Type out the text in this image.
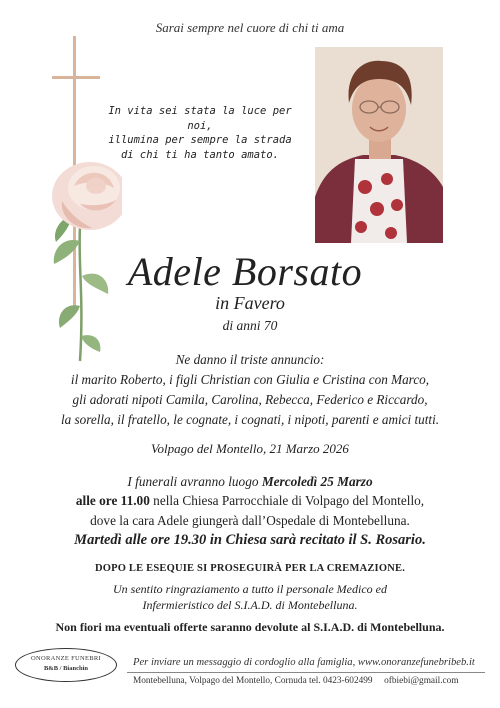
Sarai sempre nel cuore di chi ti ama
In vita sei stata la luce per noi,
illumina per sempre la strada
di chi ti ha tanto amato.
Adele Borsato
in Favero
di anni 70
Ne danno il triste annuncio:
il marito Roberto, i figli Christian con Giulia e Cristina con Marco,
gli adorati nipoti Camila, Carolina, Rebecca, Federico e Riccardo,
la sorella, il fratello, le cognate, i cognati, i nipoti, parenti e amici tutti.
Volpago del Montello, 21 Marzo 2026
I funerali avranno luogo Mercoledì 25 Marzo
alle ore 11.00 nella Chiesa Parrocchiale di Volpago del Montello,
dove la cara Adele giungerà dall’Ospedale di Montebelluna.
Martedì alle ore 19.30 in Chiesa sarà recitato il S. Rosario.
DOPO LE ESEQUIE SI PROSEGUIRÀ PER LA CREMAZIONE.
Un sentito ringraziamento a tutto il personale Medico ed
Infermieristico del S.I.A.D. di Montebelluna.
Non fiori ma eventuali offerte saranno devolute al S.I.A.D. di Montebelluna.
ONORANZE FUNEBRI
B&B / Bianchin
Per inviare un messaggio di cordoglio alla famiglia, www.onoranzefunebribeb.it
Montebelluna, Volpago del Montello, Cornuda tel. 0423-602499     ofbiebi@gmail.com
